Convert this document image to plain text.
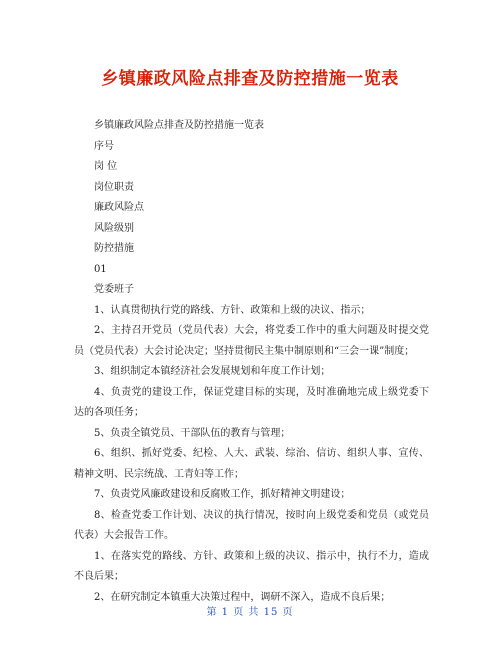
乡镇廉政风险点排查及防控措施一览表
乡镇廉政风险点排查及防控措施一览表
序号
岗 位
岗位职责
廉政风险点
风险级别
防控措施
01
党委班子
1、认真贯彻执行党的路线、方针、政策和上级的决议、指示；
2、主持召开党员（党员代表）大会，将党委工作中的重大问题及时提交党员（党员代表）大会讨论决定；坚持贯彻民主集中制原则和“三会一课”制度；
3、组织制定本镇经济社会发展规划和年度工作计划；
4、负责党的建设工作，保证党建目标的实现，及时准确地完成上级党委下达的各项任务；
5、负责全镇党员、干部队伍的教育与管理；
6、组织、抓好党委、纪检、人大、武装、综治、信访、组织人事、宣传、精神文明、民宗统战、工青妇等工作；
7、负责党风廉政建设和反腐败工作，抓好精神文明建设；
8、检查党委工作计划、决议的执行情况，按时向上级党委和党员（或党员代表）大会报告工作。
1、在落实党的路线、方针、政策和上级的决议、指示中，执行不力，造成不良后果；
2、在研究制定本镇重大决策过程中，调研不深入，造成不良后果；
第 1 页 共 15 页
